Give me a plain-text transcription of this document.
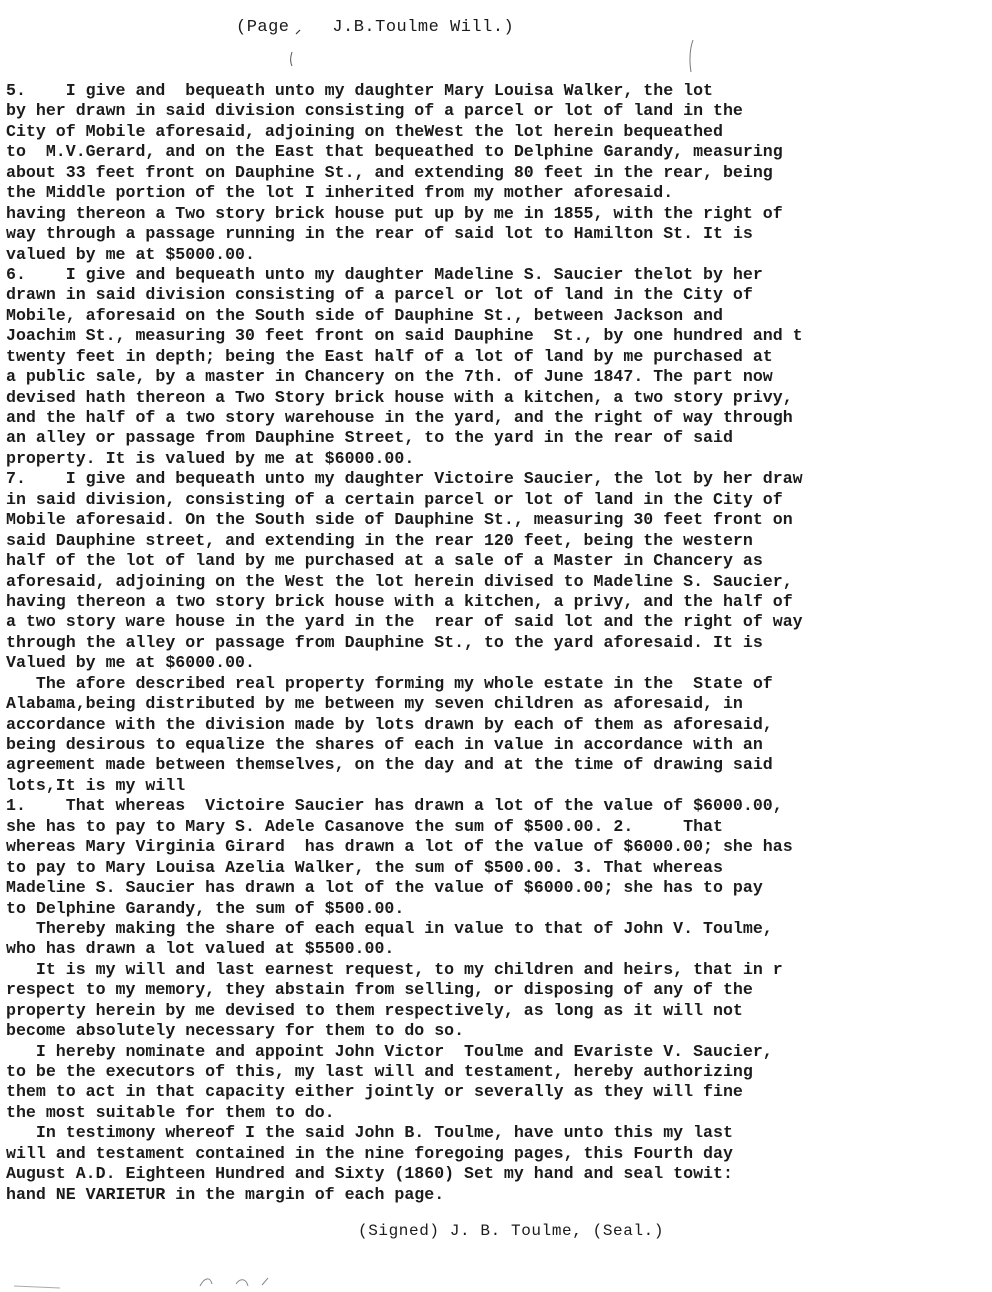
(Page    J.B.Toulme Will.)
5.    I give and  bequeath unto my daughter Mary Louisa Walker, the lot
by her drawn in said division consisting of a parcel or lot of land in the
City of Mobile aforesaid, adjoining on theWest the lot herein bequeathed
to  M.V.Gerard, and on the East that bequeathed to Delphine Garandy, measuring
about 33 feet front on Dauphine St., and extending 80 feet in the rear, being
the Middle portion of the lot I inherited from my mother aforesaid.
having thereon a Two story brick house put up by me in 1855, with the right of
way through a passage running in the rear of said lot to Hamilton St. It is
valued by me at $5000.00.
6.    I give and bequeath unto my daughter Madeline S. Saucier thelot by her
drawn in said division consisting of a parcel or lot of land in the City of
Mobile, aforesaid on the South side of Dauphine St., between Jackson and
Joachim St., measuring 30 feet front on said Dauphine  St., by one hundred and t
twenty feet in depth; being the East half of a lot of land by me purchased at
a public sale, by a master in Chancery on the 7th. of June 1847. The part now
devised hath thereon a Two Story brick house with a kitchen, a two story privy,
and the half of a two story warehouse in the yard, and the right of way through
an alley or passage from Dauphine Street, to the yard in the rear of said
property. It is valued by me at $6000.00.
7.    I give and bequeath unto my daughter Victoire Saucier, the lot by her draw
in said division, consisting of a certain parcel or lot of land in the City of
Mobile aforesaid. On the South side of Dauphine St., measuring 30 feet front on
said Dauphine street, and extending in the rear 120 feet, being the western
half of the lot of land by me purchased at a sale of a Master in Chancery as
aforesaid, adjoining on the West the lot herein divised to Madeline S. Saucier,
having thereon a two story brick house with a kitchen, a privy, and the half of
a two story ware house in the yard in the  rear of said lot and the right of way
through the alley or passage from Dauphine St., to the yard aforesaid. It is
Valued by me at $6000.00.
The afore described real property forming my whole estate in the  State of
Alabama,being distributed by me between my seven children as aforesaid, in
accordance with the division made by lots drawn by each of them as aforesaid,
being desirous to equalize the shares of each in value in accordance with an
agreement made between themselves, on the day and at the time of drawing said
lots,It is my will
1.    That whereas  Victoire Saucier has drawn a lot of the value of $6000.00,
she has to pay to Mary S. Adele Casanove the sum of $500.00. 2.     That
whereas Mary Virginia Girard  has drawn a lot of the value of $6000.00; she has
to pay to Mary Louisa Azelia Walker, the sum of $500.00. 3. That whereas
Madeline S. Saucier has drawn a lot of the value of $6000.00; she has to pay
to Delphine Garandy, the sum of $500.00.
Thereby making the share of each equal in value to that of John V. Toulme,
who has drawn a lot valued at $5500.00.
It is my will and last earnest request, to my children and heirs, that in r
respect to my memory, they abstain from selling, or disposing of any of the
property herein by me devised to them respectively, as long as it will not
become absolutely necessary for them to do so.
I hereby nominate and appoint John Victor  Toulme and Evariste V. Saucier,
to be the executors of this, my last will and testament, hereby authorizing
them to act in that capacity either jointly or severally as they will fine
the most suitable for them to do.
In testimony whereof I the said John B. Toulme, have unto this my last
will and testament contained in the nine foregoing pages, this Fourth day
August A.D. Eighteen Hundred and Sixty (1860) Set my hand and seal towit:
hand NE VARIETUR in the margin of each page.
(Signed) J. B. Toulme, (Seal.)
